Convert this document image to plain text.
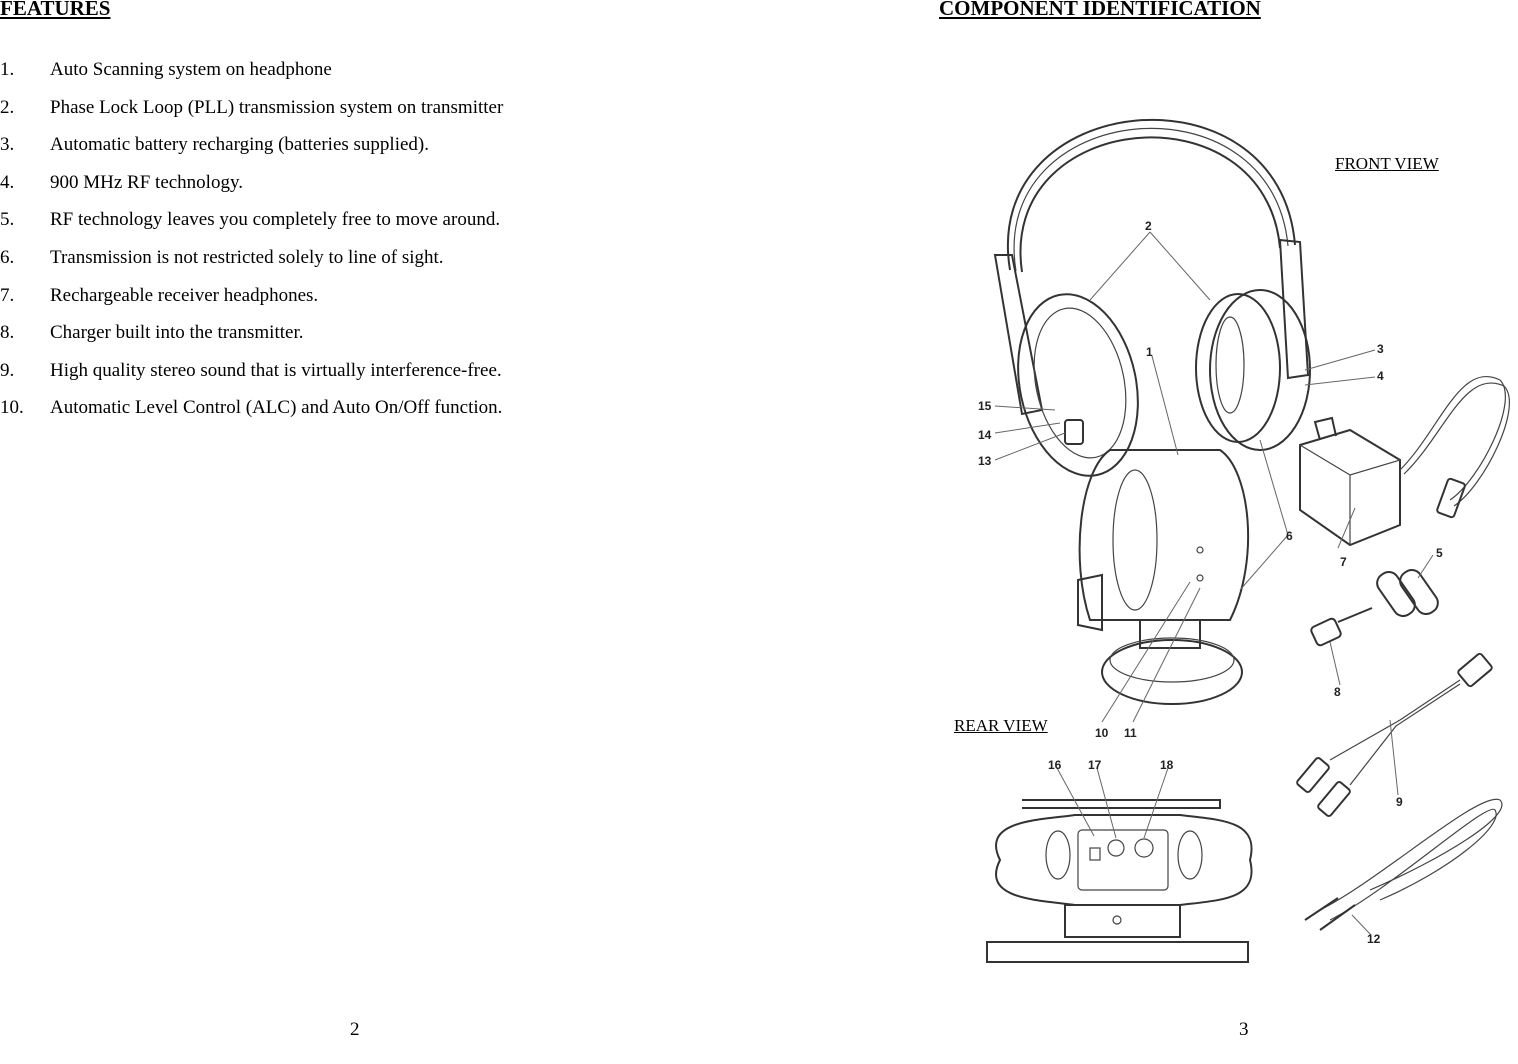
FEATURES
1. Auto Scanning system on headphone
2. Phase Lock Loop (PLL) transmission system on transmitter
3. Automatic battery recharging (batteries supplied).
4. 900 MHz RF technology.
5. RF technology leaves you completely free to move around.
6. Transmission is not restricted solely to line of sight.
7. Rechargeable receiver headphones.
8. Charger built into the transmitter.
9. High quality stereo sound that is virtually interference-free.
10. Automatic Level Control (ALC) and Auto On/Off function.
2
COMPONENT IDENTIFICATION
2
1	3
4
5
6
7
8
9
10 11
12
13
14
15
16 17	18
FRONT VIEW
REAR VIEW
3
